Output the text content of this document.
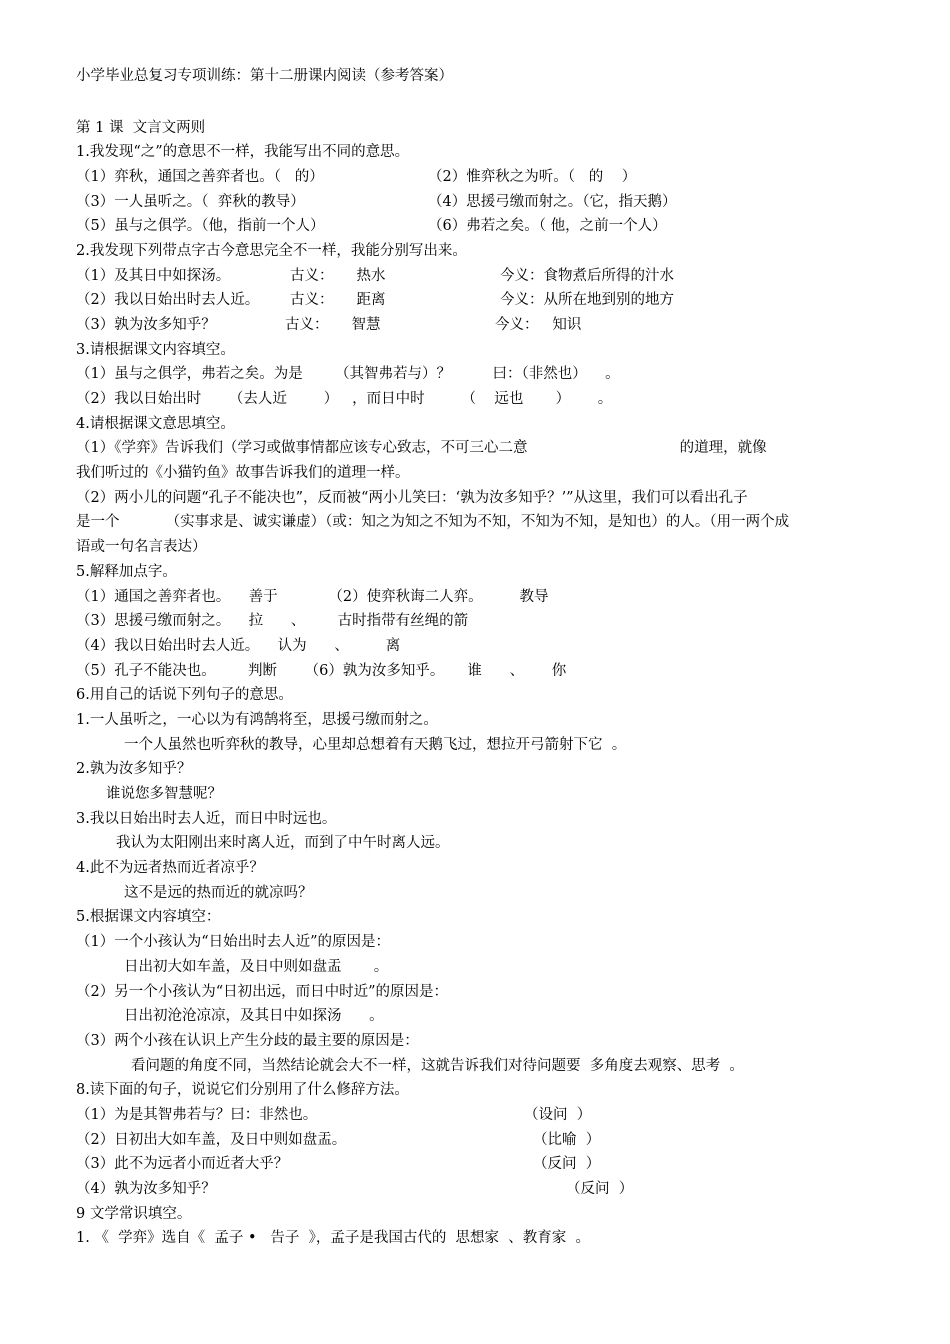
小学毕业总复习专项训练：第十二册课内阅读（参考答案）
第 1 课  文言文两则
1.我发现“之”的意思不一样，我能写出不同的意思。
（1）弈秋，通国之善弈者也。（   的）	（2）惟弈秋之为听。（   的    ）
（3）一人虽听之。（  弈秋的教导）	（4）思援弓缴而射之。（它，指天鹅）
（5）虽与之俱学。（他，指前一个人）	（6）弗若之矣。（ 他，之前一个人）
2.我发现下列带点字古今意思完全不一样，我能分别写出来。
（1）及其日中如探汤。	古义：     热水	今义：食物煮后所得的汁水
（2）我以日始出时去人近。 古义：     距离	今义：从所在地到别的地方
（3）孰为汝多知乎？	古义：     智慧	今义：   知识
3.请根据课文内容填空。
（1）虽与之俱学，弗若之矣。为是       （其智弗若与）？         曰：（非然也）    。
（2）我以日始出时      （去人近        ）   ，而日中时        （    远也       ）      。
4.请根据课文意思填空。
（1）《学弈》告诉我们（学习或做事情都应该专心致志，不可三心二意                                 的道理，就像
我们听过的《小猫钓鱼》故事告诉我们的道理一样。
（2）两小儿的问题“孔子不能决也”，反而被“两小儿笑曰：‘孰为汝多知乎？’”从这里，我们可以看出孔子
是一个          （实事求是、诚实谦虚）（或：知之为知之不知为不知，不知为不知，是知也）的人。（用一两个成
语或一句名言表达）
5.解释加点字。
（1）通国之善弈者也。    善于           （2）使弈秋诲二人弈。        教导
（3）思援弓缴而射之。    拉      、       古时指带有丝绳的箭
（4）我以日始出时去人近。    认为      、        离
（5）孔子不能决也。       判断      （6）孰为汝多知乎。     谁      、      你
6.用自己的话说下列句子的意思。
1.一人虽听之，一心以为有鸿鹄将至，思援弓缴而射之。
一个人虽然也听弈秋的教导，心里却总想着有天鹅飞过，想拉开弓箭射下它  。
2.孰为汝多知乎？
谁说您多智慧呢？
3.我以日始出时去人近，而日中时远也。
我认为太阳刚出来时离人近，而到了中午时离人远。
4.此不为远者热而近者凉乎？
这不是远的热而近的就凉吗？
5.根据课文内容填空：
（1）一个小孩认为“日始出时去人近”的原因是：
日出初大如车盖，及日中则如盘盂       。
（2）另一个小孩认为“日初出远，而日中时近”的原因是：
日出初沧沧凉凉，及其日中如探汤      。
（3）两个小孩在认识上产生分歧的最主要的原因是：
看问题的角度不同，当然结论就会大不一样，这就告诉我们对待问题要  多角度去观察、思考  。
8.读下面的句子，说说它们分别用了什么修辞方法。
（1）为是其智弗若与？曰：非然也。	（设问  ）
（2）日初出大如车盖，及日中则如盘盂。	（比喻  ）
（3）此不为远者小而近者大乎？	（反问  ）
（4）孰为汝多知乎？	（反问  ）
9 文学常识填空。
1. 《  学弈》选自《  孟子 •   告子  》，孟子是我国古代的  思想家  、教育家  。
